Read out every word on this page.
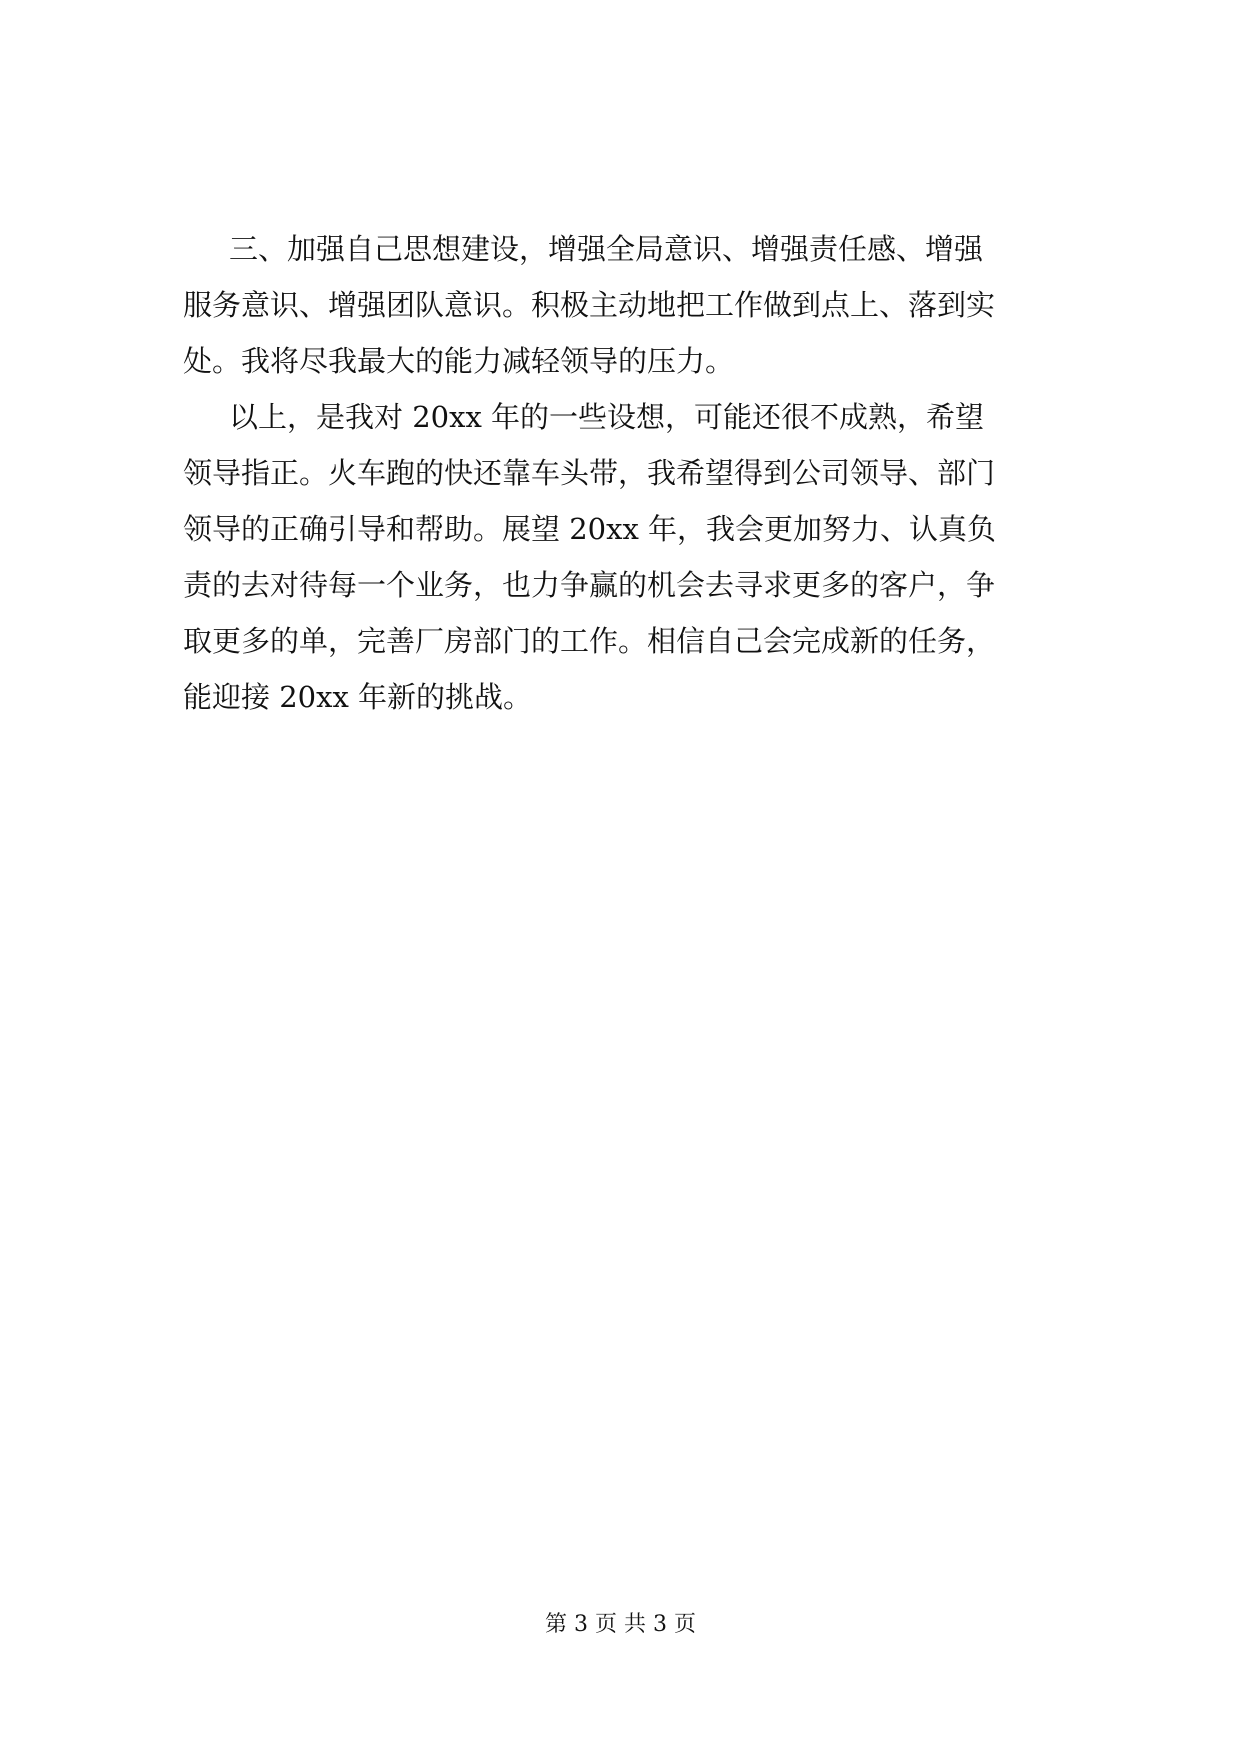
三、加强自己思想建设，增强全局意识、增强责任感、增强
服务意识、增强团队意识。积极主动地把工作做到点上、落到实
处。我将尽我最大的能力减轻领导的压力。
以上，是我对 20xx 年的一些设想，可能还很不成熟，希望
领导指正。火车跑的快还靠车头带，我希望得到公司领导、部门
领导的正确引导和帮助。展望 20xx 年，我会更加努力、认真负
责的去对待每一个业务，也力争赢的机会去寻求更多的客户，争
取更多的单，完善厂房部门的工作。相信自己会完成新的任务，
能迎接 20xx 年新的挑战。
第 3 页 共 3 页
